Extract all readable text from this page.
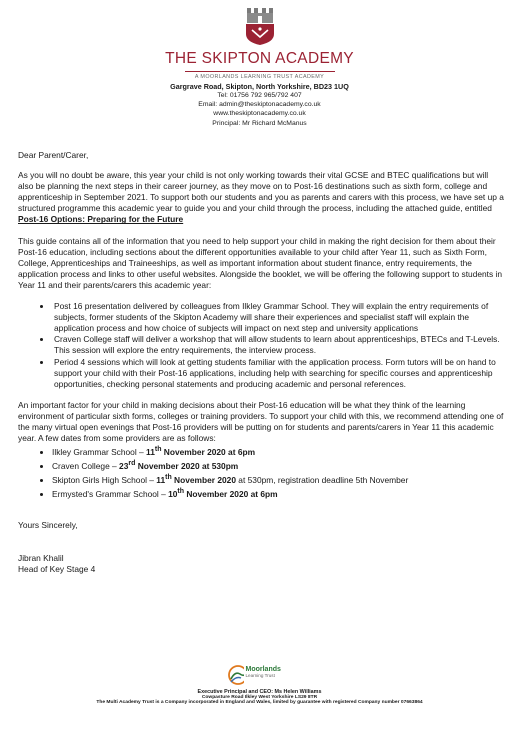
THE SKIPTON ACADEMY
A MOORLANDS LEARNING TRUST ACADEMY
Gargrave Road, Skipton, North Yorkshire, BD23 1UQ
Tel: 01756 792 965/792 407
Email: admin@theskiptonacademy.co.uk
www.theskiptonacademy.co.uk
Principal: Mr Richard McManus

Dear Parent/Carer,

As you will no doubt be aware, this year your child is not only working towards their vital GCSE and BTEC qualifications but will also be planning the next steps in their career journey, as they move on to Post-16 destinations such as sixth form, college and apprenticeship in September 2021. To support both our students and you as parents and carers with this process, we have set up a structured programme this academic year to guide you and your child through the process, including the attached guide, entitled Post-16 Options: Preparing for the Future

This guide contains all of the information that you need to help support your child in making the right decision for them about their Post-16 education, including sections about the different opportunities available to your child after Year 11, such as Sixth Form, College, Apprenticeships and Traineeships, as well as important information about student finance, entry requirements, the application process and links to other useful websites. Alongside the booklet, we will be offering the following support to students in Year 11 and their parents/carers this academic year:

• Post 16 presentation delivered by colleagues from Ilkley Grammar School. They will explain the entry requirements of subjects, former students of the Skipton Academy will share their experiences and specialist staff will explain the application process and how choice of subjects will impact on next step and university applications
• Craven College staff will deliver a workshop that will allow students to learn about apprenticeships, BTECs and T-Levels. This session will explore the entry requirements, the interview process.
• Period 4 sessions which will look at getting students familiar with the application process. Form tutors will be on hand to support your child with their Post-16 applications, including help with searching for specific courses and apprenticeship opportunities, checking personal statements and producing academic and personal references.

An important factor for your child in making decisions about their Post-16 education will be what they think of the learning environment of particular sixth forms, colleges or training providers. To support your child with this, we recommend attending one of the many virtual open evenings that Post-16 providers will be putting on for students and parents/carers in Year 11 this academic year. A few dates from some providers are as follows:

• Ilkley Grammar School – 11th November 2020 at 6pm
• Craven College – 23rd November 2020 at 530pm
• Skipton Girls High School – 11th November 2020 at 530pm, registration deadline 5th November
• Ermysted's Grammar School – 10th November 2020 at 6pm

Yours Sincerely,

Jibran Khalil

Head of Key Stage 4

Moorlands
Learning Trust
Executive Principal and CEO: Ms Helen Williams
Cowpasture Road Ilkley West Yorkshire LS29 8TR
The Multi Academy Trust is a Company incorporated in England and Wales, limited by guarantee with registered Company number 07663864
